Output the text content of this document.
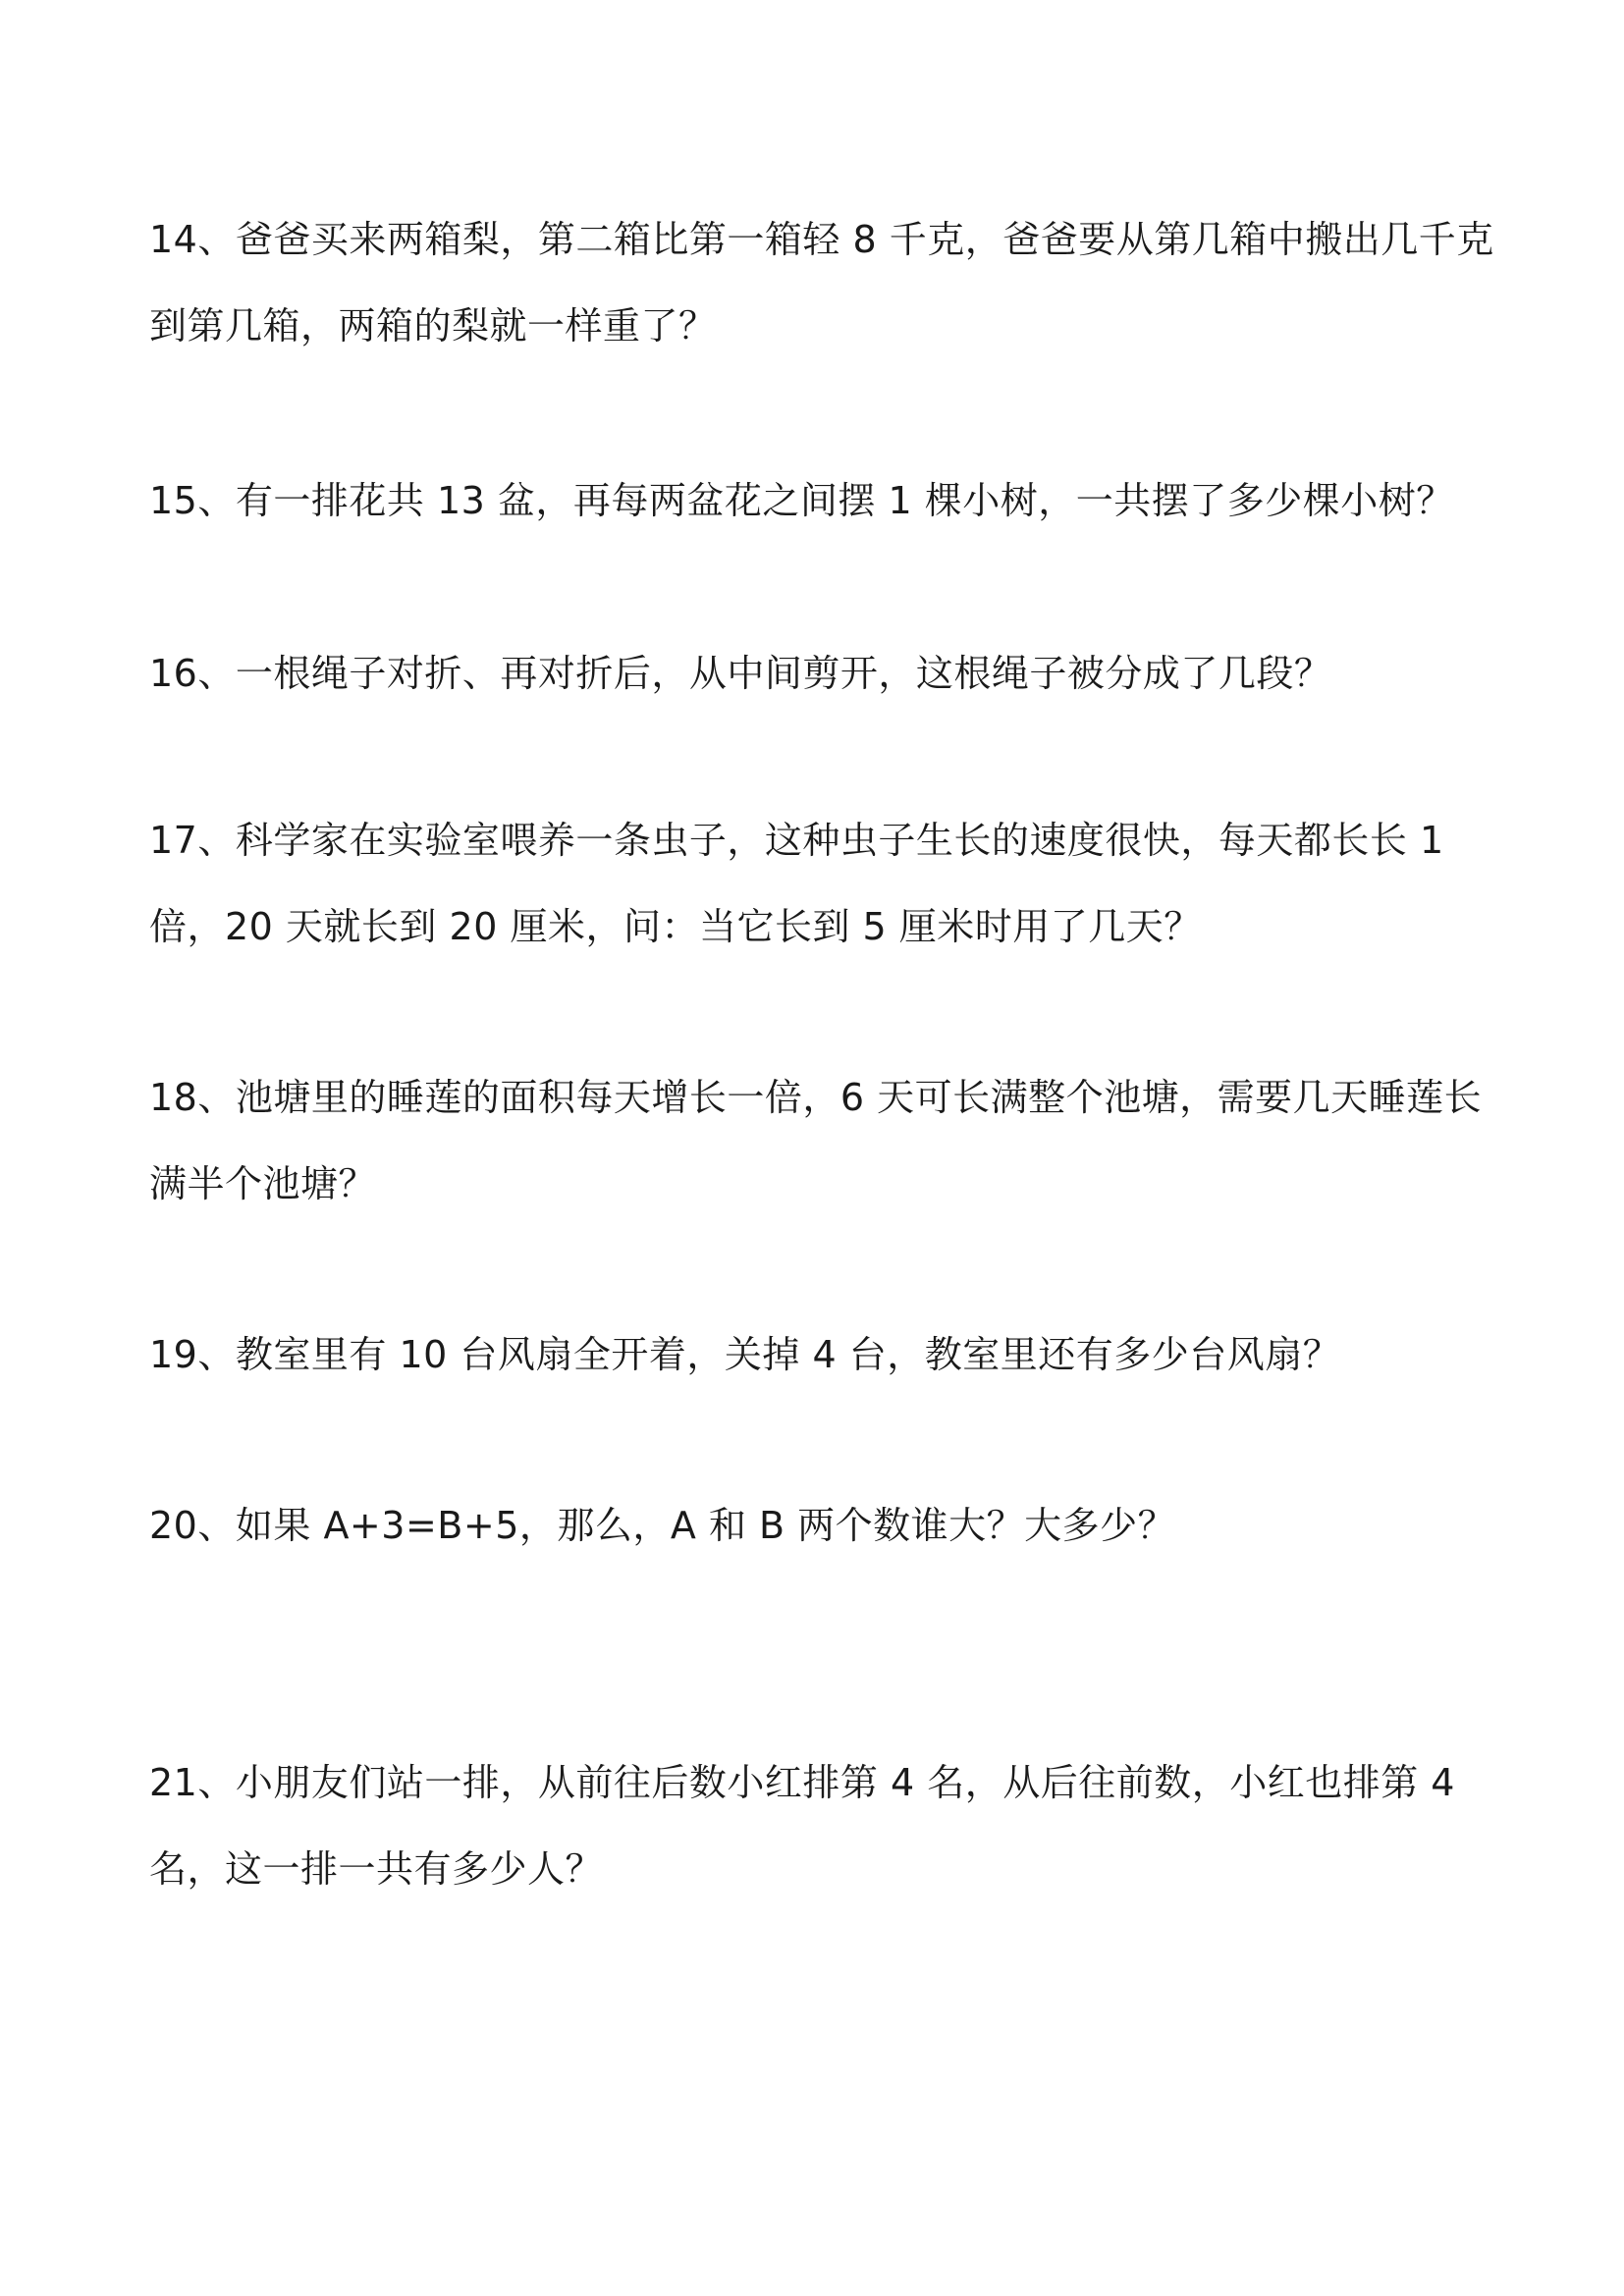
14、爸爸买来两箱梨，第二箱比第一箱轻 8 千克，爸爸要从第几箱中搬出几千克到第几箱，两箱的梨就一样重了？

15、有一排花共 13 盆，再每两盆花之间摆 1 棵小树，一共摆了多少棵小树？

16、一根绳子对折、再对折后，从中间剪开，这根绳子被分成了几段？

17、科学家在实验室喂养一条虫子，这种虫子生长的速度很快，每天都长长 1 倍，20 天就长到 20 厘米，问：当它长到 5 厘米时用了几天？

18、池塘里的睡莲的面积每天增长一倍，6 天可长满整个池塘，需要几天睡莲长满半个池塘？

19、教室里有 10 台风扇全开着，关掉 4 台，教室里还有多少台风扇？

20、如果 A+3=B+5，那么，A 和 B 两个数谁大？大多少？

21、小朋友们站一排，从前往后数小红排第 4 名，从后往前数，小红也排第 4 名，这一排一共有多少人？
